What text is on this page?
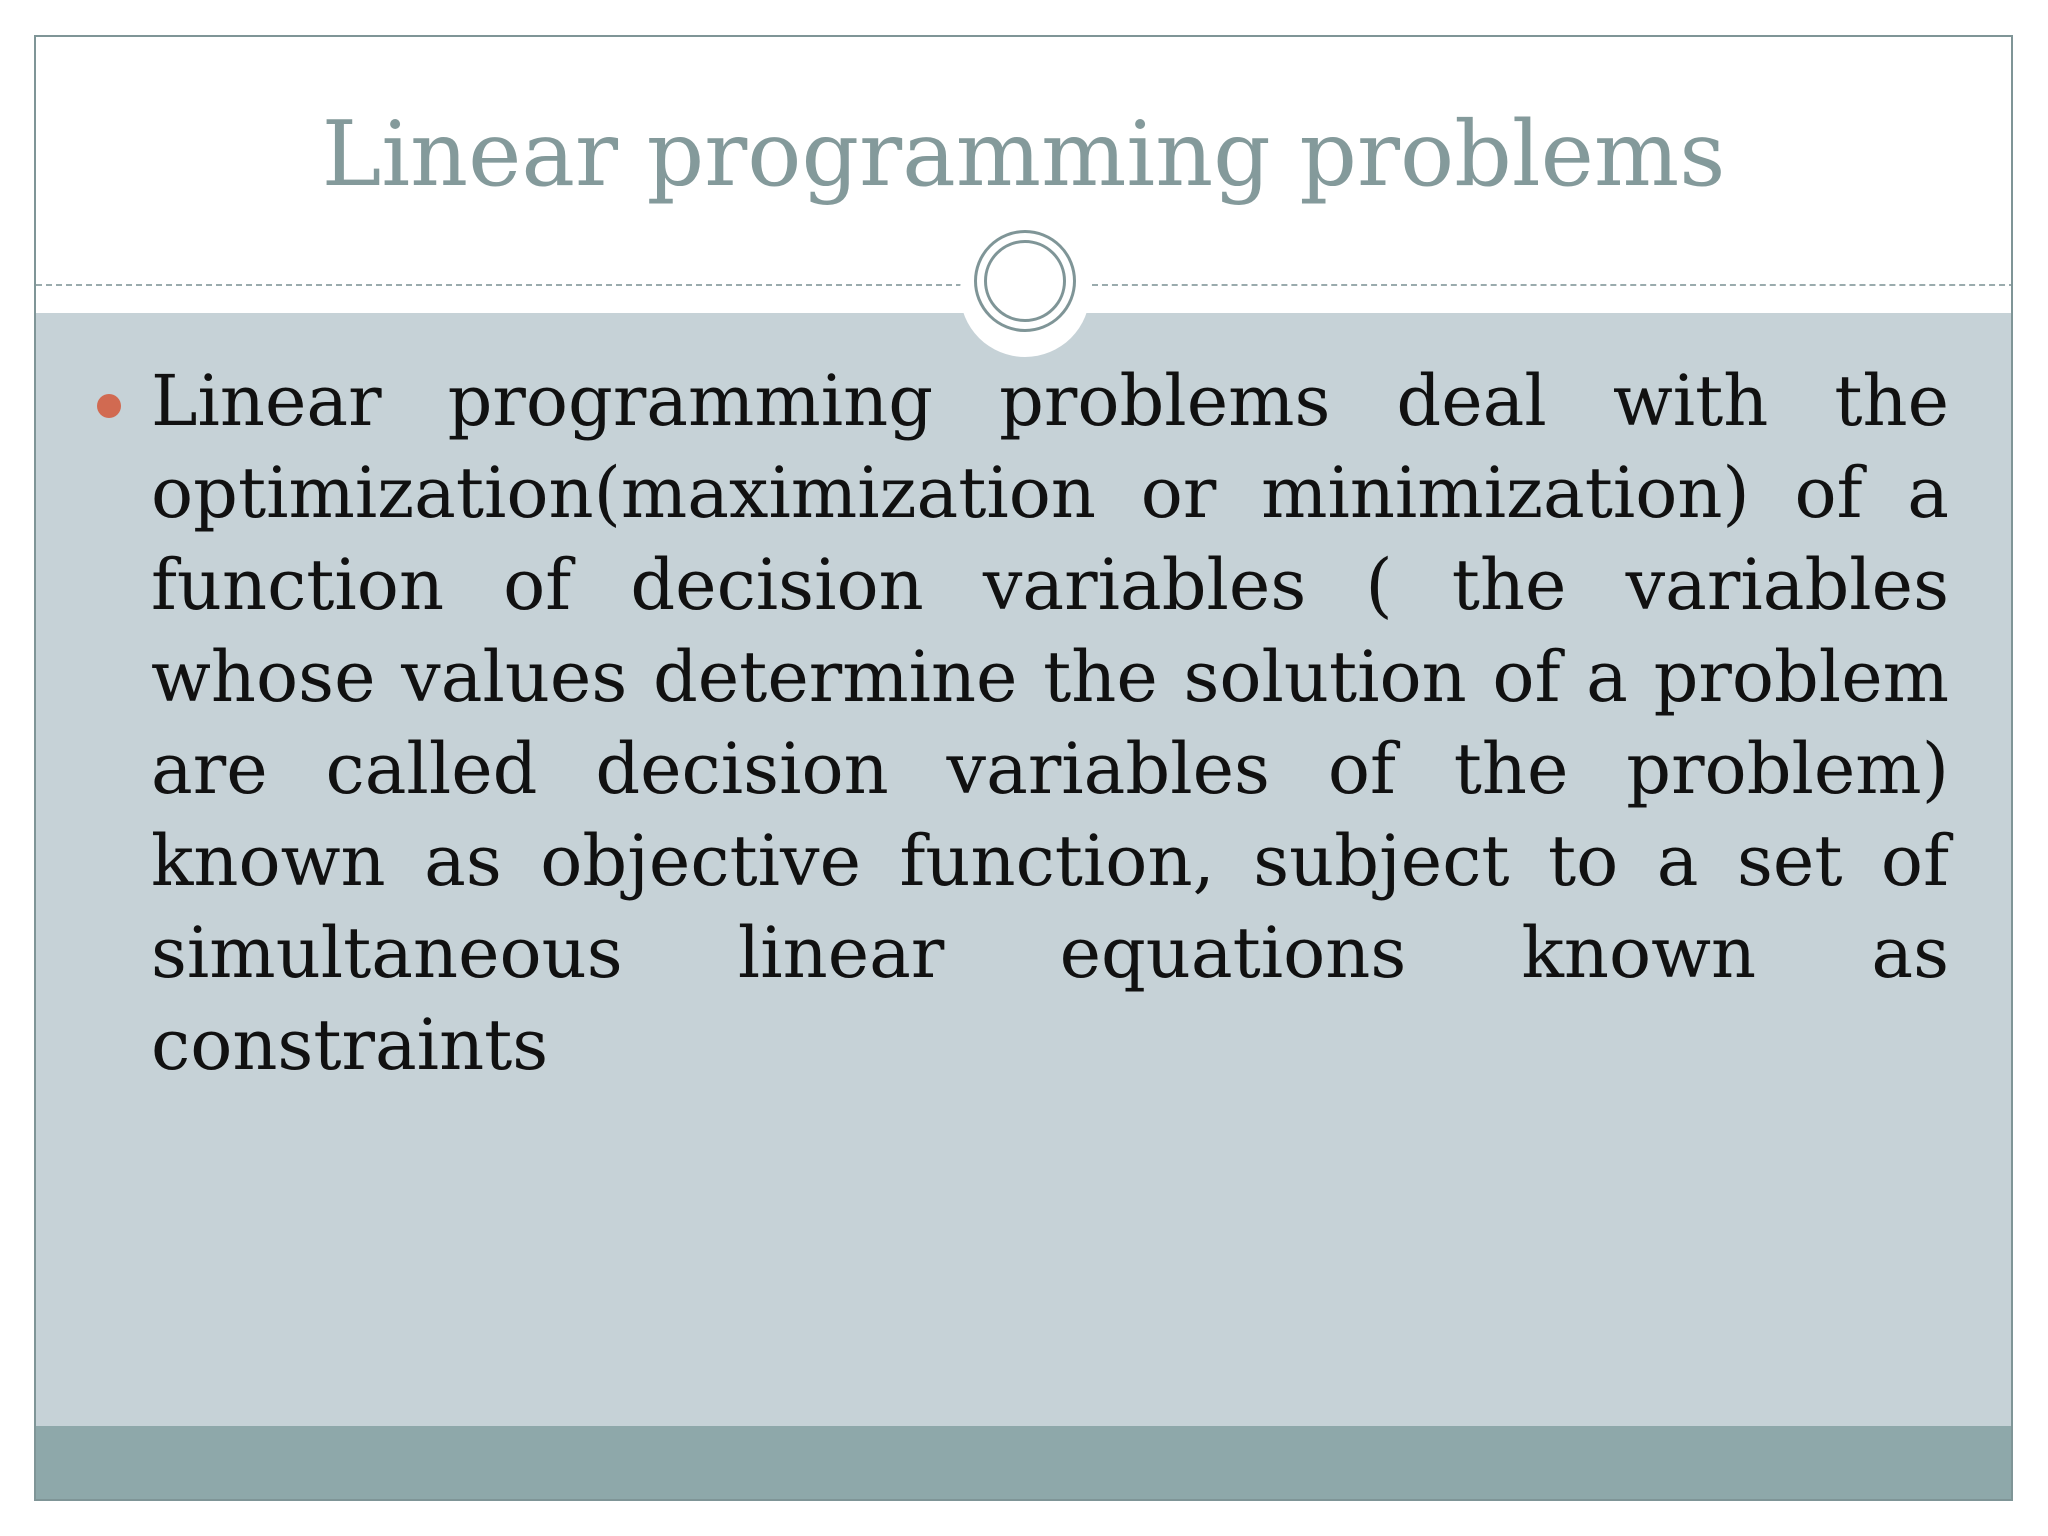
Linear programming problems

Linear programming problems deal with the optimization(maximization or minimization) of a function of decision variables ( the variables whose values determine the solution of a problem are called decision variables of the problem) known as objective function, subject to a set of simultaneous linear equations known as constraints
